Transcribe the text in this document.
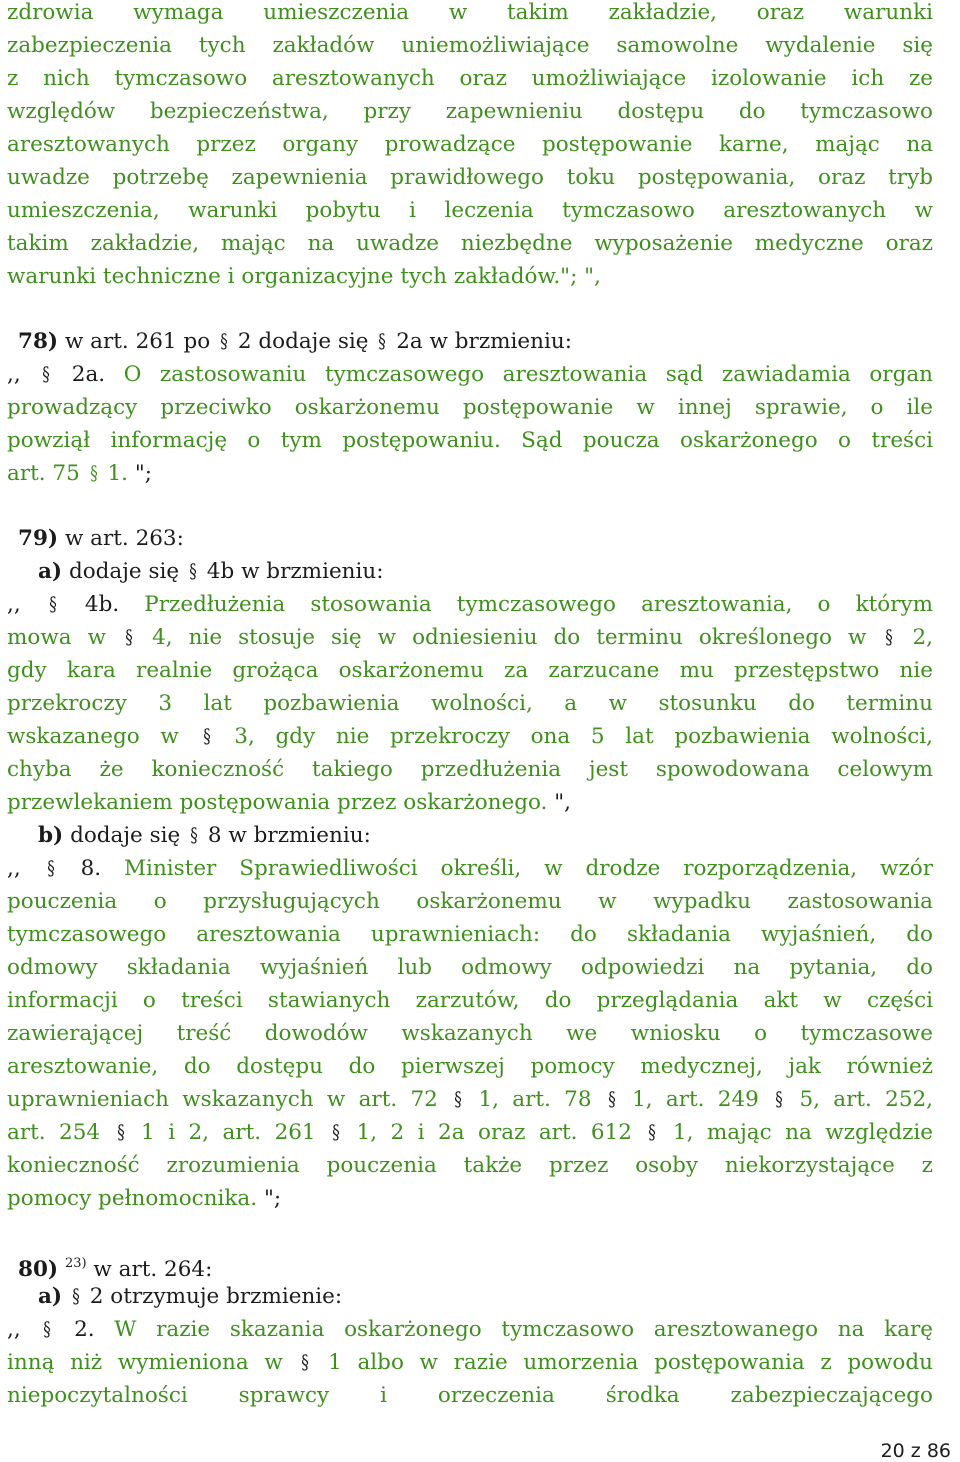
zdrowia wymaga umieszczenia w takim zakładzie, oraz warunki
zabezpieczenia tych zakładów uniemożliwiające samowolne wydalenie się
z nich tymczasowo aresztowanych oraz umożliwiające izolowanie ich ze
względów bezpieczeństwa, przy zapewnieniu dostępu do tymczasowo
aresztowanych przez organy prowadzące postępowanie karne, mając na
uwadze potrzebę zapewnienia prawidłowego toku postępowania, oraz tryb
umieszczenia, warunki pobytu i leczenia tymczasowo aresztowanych w
takim zakładzie, mając na uwadze niezbędne wyposażenie medyczne oraz
warunki techniczne i organizacyjne tych zakładów."; ",
78) w art. 261 po § 2 dodaje się § 2a w brzmieniu:
,, § 2a. O zastosowaniu tymczasowego aresztowania sąd zawiadamia organ
prowadzący przeciwko oskarżonemu postępowanie w innej sprawie, o ile
powziął informację o tym postępowaniu. Sąd poucza oskarżonego o treści
art. 75 § 1. ";
79) w art. 263:
a) dodaje się § 4b w brzmieniu:
,, § 4b. Przedłużenia stosowania tymczasowego aresztowania, o którym
mowa w § 4, nie stosuje się w odniesieniu do terminu określonego w § 2,
gdy kara realnie grożąca oskarżonemu za zarzucane mu przestępstwo nie
przekroczy 3 lat pozbawienia wolności, a w stosunku do terminu
wskazanego w § 3, gdy nie przekroczy ona 5 lat pozbawienia wolności,
chyba że konieczność takiego przedłużenia jest spowodowana celowym
przewlekaniem postępowania przez oskarżonego. ",
b) dodaje się § 8 w brzmieniu:
,, § 8. Minister Sprawiedliwości określi, w drodze rozporządzenia, wzór
pouczenia o przysługujących oskarżonemu w wypadku zastosowania
tymczasowego aresztowania uprawnieniach: do składania wyjaśnień, do
odmowy składania wyjaśnień lub odmowy odpowiedzi na pytania, do
informacji o treści stawianych zarzutów, do przeglądania akt w części
zawierającej treść dowodów wskazanych we wniosku o tymczasowe
aresztowanie, do dostępu do pierwszej pomocy medycznej, jak również
uprawnieniach wskazanych w art. 72 § 1, art. 78 § 1, art. 249 § 5, art. 252,
art. 254 § 1 i 2, art. 261 § 1, 2 i 2a oraz art. 612 § 1, mając na względzie
konieczność zrozumienia pouczenia także przez osoby niekorzystające z
pomocy pełnomocnika. ";
80) $^{23)}$ w art. 264:
a) § 2 otrzymuje brzmienie:
,, § 2. W razie skazania oskarżonego tymczasowo aresztowanego na karę
inną niż wymieniona w § 1 albo w razie umorzenia postępowania z powodu
niepoczytalności sprawcy i orzeczenia środka zabezpieczającego
20 z 86
